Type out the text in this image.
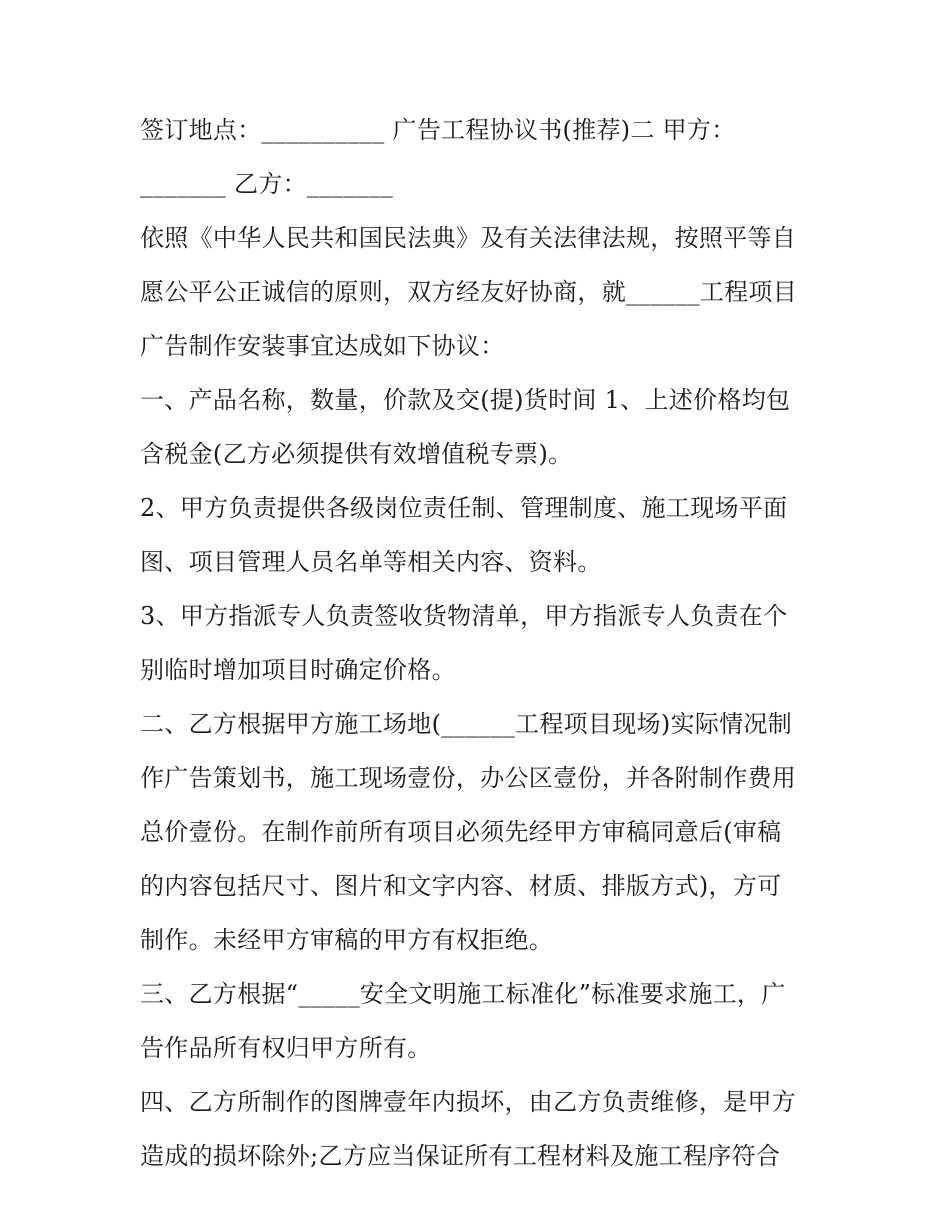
签订地点：__________ 广告工程协议书(推荐)二 甲方：
_______ 乙方：_______
依照《中华人民共和国民法典》及有关法律法规，按照平等自
愿公平公正诚信的原则，双方经友好协商，就______工程项目
广告制作安装事宜达成如下协议：
一、产品名称，数量，价款及交(提)货时间 1、上述价格均包
含税金(乙方必须提供有效增值税专票)。
2、甲方负责提供各级岗位责任制、管理制度、施工现场平面
图、项目管理人员名单等相关内容、资料。
3、甲方指派专人负责签收货物清单，甲方指派专人负责在个
别临时增加项目时确定价格。
二、乙方根据甲方施工场地(______工程项目现场)实际情况制
作广告策划书，施工现场壹份，办公区壹份，并各附制作费用
总价壹份。在制作前所有项目必须先经甲方审稿同意后(审稿
的内容包括尺寸、图片和文字内容、材质、排版方式)，方可
制作。未经甲方审稿的甲方有权拒绝。
三、乙方根据“_____安全文明施工标准化”标准要求施工，广
告作品所有权归甲方所有。
四、乙方所制作的图牌壹年内损坏，由乙方负责维修，是甲方
造成的损坏除外;乙方应当保证所有工程材料及施工程序符合
